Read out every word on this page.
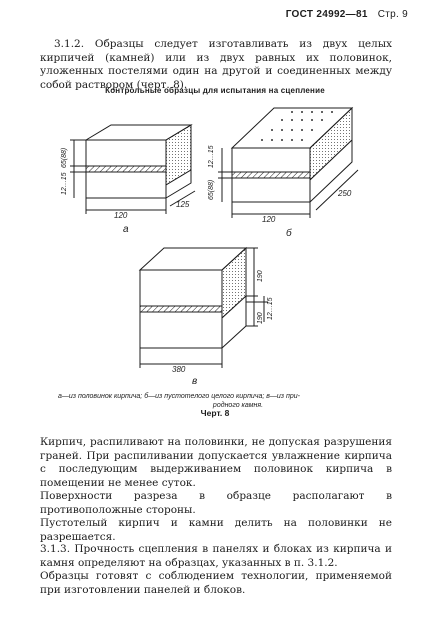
ГОСТ 24992—81 Стр. 9

3.1.2. Образцы следует изготавливать из двух целых кирпичей (камней) или из двух равных их половинок, уложенных постелями один на другой и соединенных между собой раствором (черт. 8).

Контрольные образцы для испытания на сцепление
65(88)
12…15
120
125
а
12…15
65(88)
120
250
б
190
190 12…15
380
в
а—из половинок кирпича; б—из пустотелого целого кирпича; в—из при-
родного камня.
Черт. 8

Кирпич, распиливают на половинки, не допуская разрушения граней. При распиливании допускается увлажнение кирпича с последующим выдерживанием половинок кирпича в помещении не менее суток.

Поверхности разреза в образце располагают в противоположные стороны.

Пустотелый кирпич и камни делить на половинки не разрешается.

3.1.3. Прочность сцепления в панелях и блоках из кирпича и камня определяют на образцах, указанных в п. 3.1.2.

Образцы готовят с соблюдением технологии, применяемой при изготовлении панелей и блоков.
